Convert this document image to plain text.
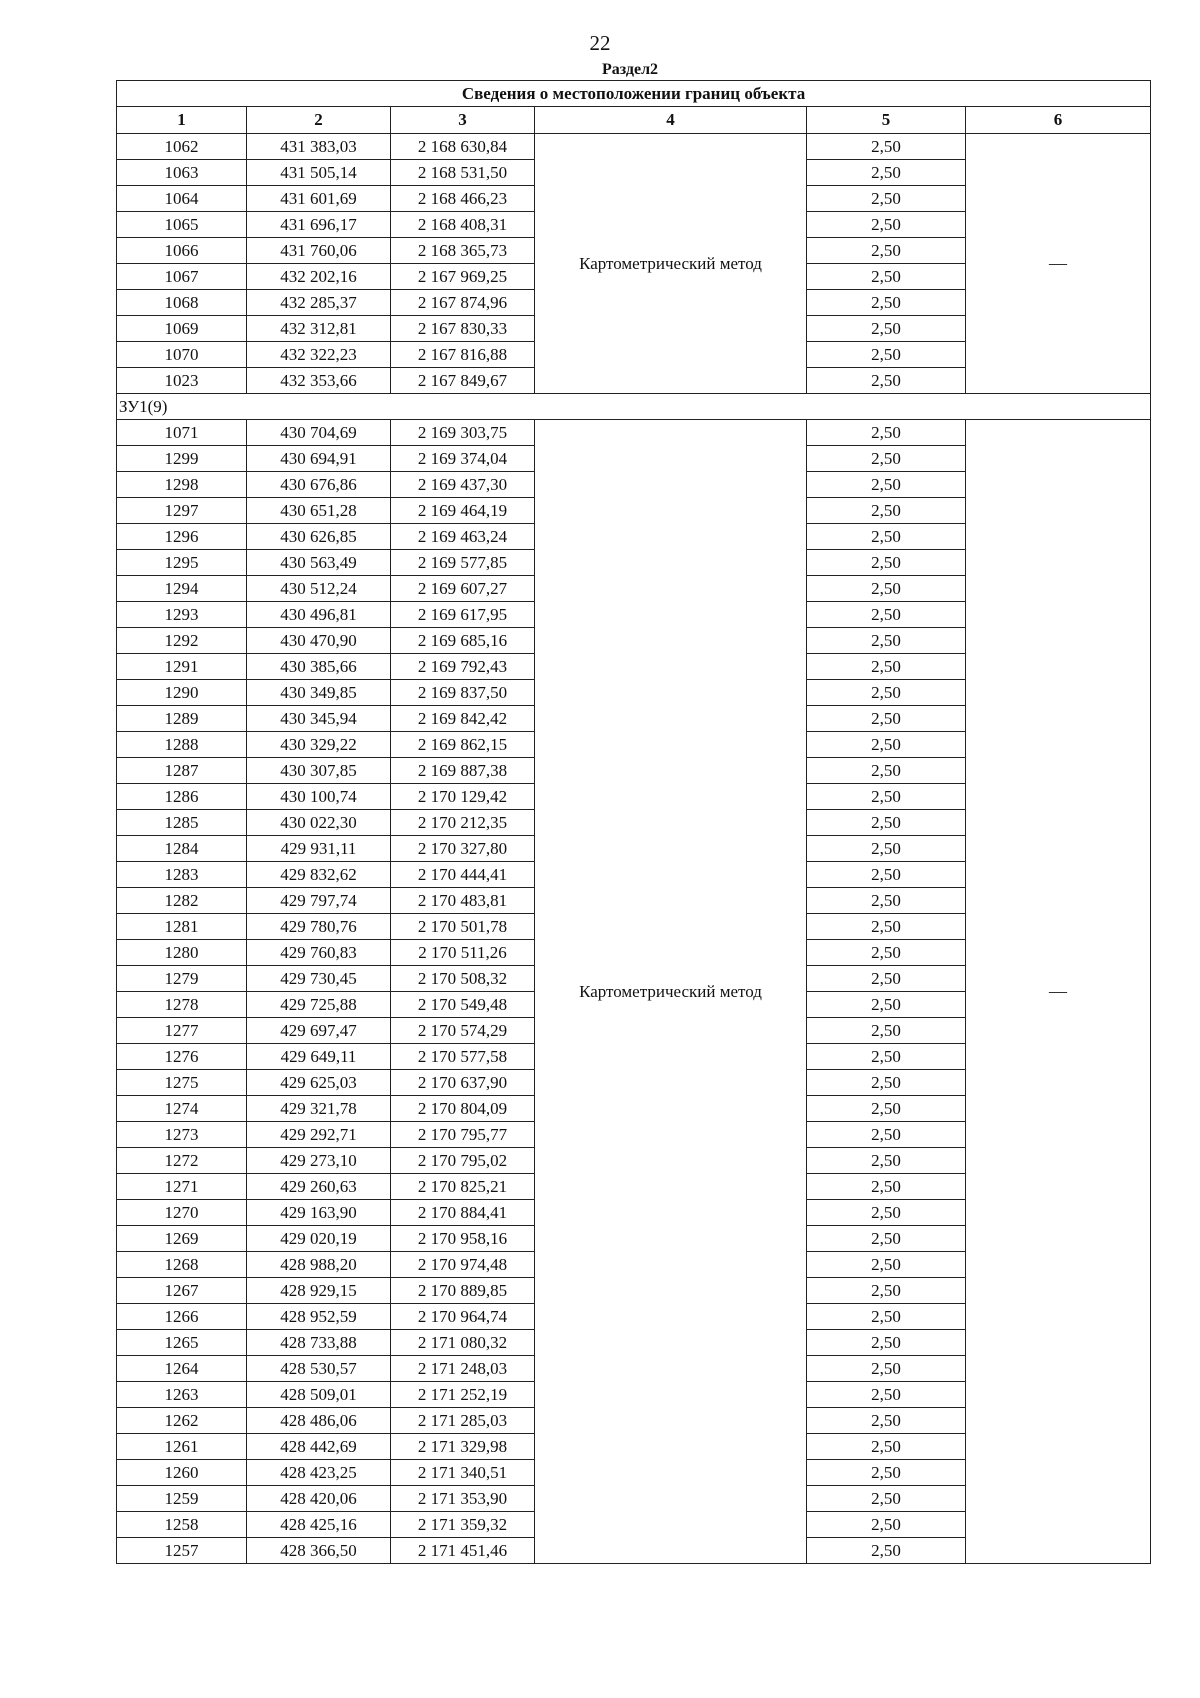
22
Раздел2
Сведения о местоположении границ объекта					
1	2	3	4	5	6
1062	431 383,03	2 168 630,84	Картометрический метод	2,50	—
1063	431 505,14	2 168 531,50		2,50	
1064	431 601,69	2 168 466,23		2,50	
1065	431 696,17	2 168 408,31		2,50	
1066	431 760,06	2 168 365,73		2,50	
1067	432 202,16	2 167 969,25		2,50	
1068	432 285,37	2 167 874,96		2,50	
1069	432 312,81	2 167 830,33		2,50	
1070	432 322,23	2 167 816,88		2,50	
1023	432 353,66	2 167 849,67		2,50	
ЗУ1(9)					
1071	430 704,69	2 169 303,75	Картометрический метод	2,50	—
1299	430 694,91	2 169 374,04		2,50	
1298	430 676,86	2 169 437,30		2,50	
1297	430 651,28	2 169 464,19		2,50	
1296	430 626,85	2 169 463,24		2,50	
1295	430 563,49	2 169 577,85		2,50	
1294	430 512,24	2 169 607,27		2,50	
1293	430 496,81	2 169 617,95		2,50	
1292	430 470,90	2 169 685,16		2,50	
1291	430 385,66	2 169 792,43		2,50	
1290	430 349,85	2 169 837,50		2,50	
1289	430 345,94	2 169 842,42		2,50	
1288	430 329,22	2 169 862,15		2,50	
1287	430 307,85	2 169 887,38		2,50	
1286	430 100,74	2 170 129,42		2,50	
1285	430 022,30	2 170 212,35		2,50	
1284	429 931,11	2 170 327,80		2,50	
1283	429 832,62	2 170 444,41		2,50	
1282	429 797,74	2 170 483,81		2,50	
1281	429 780,76	2 170 501,78		2,50	
1280	429 760,83	2 170 511,26		2,50	
1279	429 730,45	2 170 508,32		2,50	
1278	429 725,88	2 170 549,48		2,50	
1277	429 697,47	2 170 574,29		2,50	
1276	429 649,11	2 170 577,58		2,50	
1275	429 625,03	2 170 637,90		2,50	
1274	429 321,78	2 170 804,09		2,50	
1273	429 292,71	2 170 795,77		2,50	
1272	429 273,10	2 170 795,02		2,50	
1271	429 260,63	2 170 825,21		2,50	
1270	429 163,90	2 170 884,41		2,50	
1269	429 020,19	2 170 958,16		2,50	
1268	428 988,20	2 170 974,48		2,50	
1267	428 929,15	2 170 889,85		2,50	
1266	428 952,59	2 170 964,74		2,50	
1265	428 733,88	2 171 080,32		2,50	
1264	428 530,57	2 171 248,03		2,50	
1263	428 509,01	2 171 252,19		2,50	
1262	428 486,06	2 171 285,03		2,50	
1261	428 442,69	2 171 329,98		2,50	
1260	428 423,25	2 171 340,51		2,50	
1259	428 420,06	2 171 353,90		2,50	
1258	428 425,16	2 171 359,32		2,50	
1257	428 366,50	2 171 451,46		2,50	
